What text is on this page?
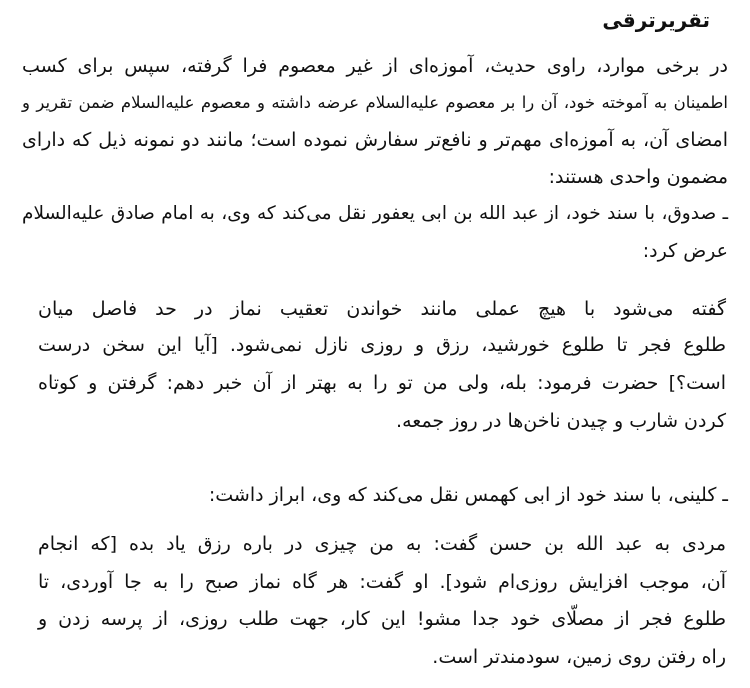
تقریرترقی
در برخی موارد، راوی حدیث، آموزه‌ای از غیر معصوم فرا گرفته، سپس برای کسب
اطمینان به آموخته خود، آن را بر معصوم عليه‌السلام عرضه داشته و معصوم عليه‌السلام ضمن تقریر و
امضای آن، به آموزه‌ای مهم‌تر و نافع‌تر سفارش نموده است؛ مانند دو نمونه ذیل که دارای
مضمون واحدی هستند:
ـ صدوق، با سند خود، از عبد الله بن ابی یعفور نقل می‌کند که وی، به امام صادق عليه‌السلام
عرض کرد:
گفته می‌شود با هیچ عملی مانند خواندن تعقیب نماز در حد فاصل میان
طلوع فجر تا طلوع خورشید، رزق و روزی نازل نمی‌شود. [آیا این سخن درست
است؟] حضرت فرمود: بله، ولی من تو را به بهتر از آن خبر دهم: گرفتن و کوتاه
کردن شارب و چیدن ناخن‌ها در روز جمعه.
ـ کلینی، با سند خود از ابی کهمس نقل می‌کند که وی، ابراز داشت:
مردی به عبد الله بن حسن گفت: به من چیزی در باره رزق یاد بده [که انجام
آن، موجب افزایش روزی‌ام شود]. او گفت: هر گاه نماز صبح را به جا آوردی، تا
طلوع فجر از مصلّای خود جدا مشو! این کار، جهت طلب روزی، از پرسه زدن و
راه رفتن روی زمین، سودمندتر است.
